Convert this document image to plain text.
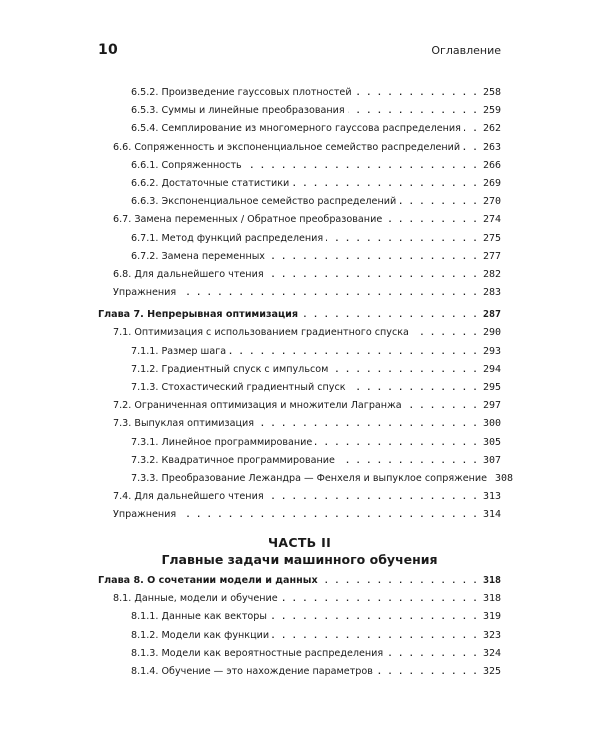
10	Оглавление
6.5.2. Произведение гауссовых плотностей . . .	258
6.5.3. Суммы и линейные преобразования . . .	259
6.5.4. Семплирование из многомерного гауссова распределения . . . 262
6.6. Сопряженность и экспоненциальное семейство распределений . . . 263
6.6.1. Сопряженность . . .	266
6.6.2. Достаточные статистики . . .	269
6.6.3. Экспоненциальное семейство распределений . . .	270
6.7. Замена переменных / Обратное преобразование . . .	274
6.7.1. Метод функций распределения . . .	275
6.7.2. Замена переменных . . .	277
6.8. Для дальнейшего чтения . . .	282
Упражнения . . .	283
Глава 7. Непрерывная оптимизация . . .	287
7.1. Оптимизация с использованием градиентного спуска . . .	290
7.1.1. Размер шага . . .	293
7.1.2. Градиентный спуск с импульсом . . .	294
7.1.3. Стохастический градиентный спуск . . .	295
7.2. Ограниченная оптимизация и множители Лагранжа . . .	297
7.3. Выпуклая оптимизация . . .	300
7.3.1. Линейное программирование . . .	305
7.3.2. Квадратичное программирование . . .	307
7.3.3. Преобразование Лежандра — Фенхеля и выпуклое сопряжение 308
7.4. Для дальнейшего чтения . . .	313
Упражнения . . .	314
ЧАСТЬ II
Главные задачи машинного обучения
Глава 8. О сочетании модели и данных . . .	318
8.1. Данные, модели и обучение . . .	318
8.1.1. Данные как векторы . . .	319
8.1.2. Модели как функции . . .	323
8.1.3. Модели как вероятностные распределения . . .	324
8.1.4. Обучение — это нахождение параметров . . .	325
